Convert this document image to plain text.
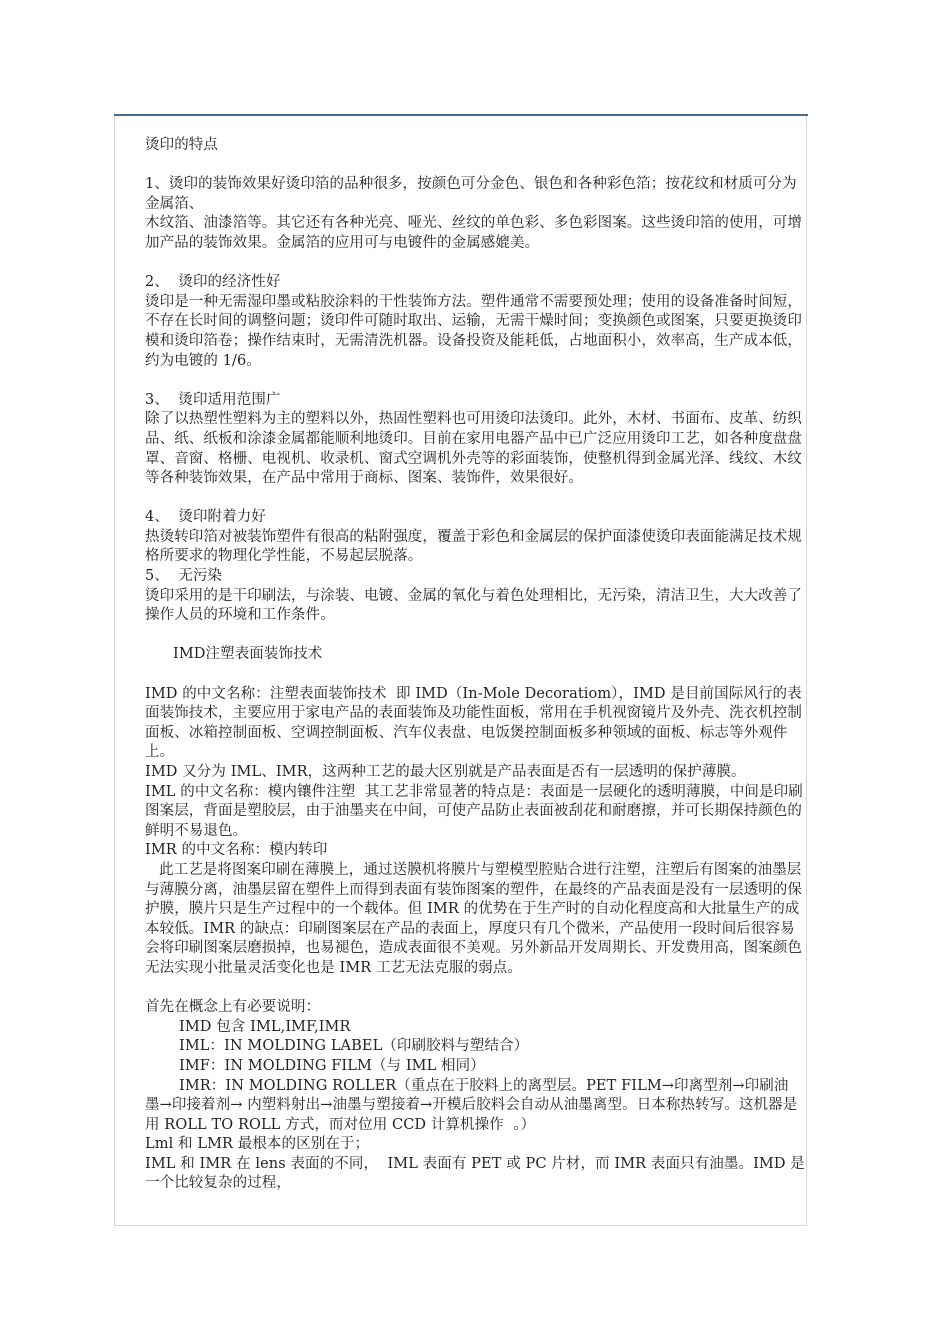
烫印的特点

1、烫印的装饰效果好烫印箔的品种很多，按颜色可分金色、银色和各种彩色箔；按花纹和材质可分为金属箔、

木纹箔、油漆箔等。其它还有各种光亮、哑光、丝纹的单色彩、多色彩图案。这些烫印箔的使用，可增加产品的装饰效果。金属箔的应用可与电镀件的金属感媲美。

2、  烫印的经济性好

烫印是一种无需湿印墨或粘胶涂料的干性装饰方法。塑件通常不需要预处理；使用的设备准备时间短，不存在长时间的调整问题；烫印件可随时取出、运输，无需干燥时间；变换颜色或图案，只要更换烫印模和烫印箔卷；操作结束时，无需清洗机器。设备投资及能耗低，占地面积小，效率高，生产成本低，约为电镀的 1/6。

3、  烫印适用范围广

除了以热塑性塑料为主的塑料以外，热固性塑料也可用烫印法烫印。此外，木材、书面布、皮革、纺织品、纸、纸板和涂漆金属都能顺利地烫印。目前在家用电器产品中已广泛应用烫印工艺，如各种度盘盘罩、音窗、格栅、电视机、收录机、窗式空调机外壳等的彩面装饰，使整机得到金属光泽、线纹、木纹等各种装饰效果，在产品中常用于商标、图案、装饰件，效果很好。

4、  烫印附着力好

热烫转印箔对被装饰塑件有很高的粘附强度，覆盖于彩色和金属层的保护面漆使烫印表面能满足技术规格所要求的物理化学性能，不易起层脱落。

5、  无污染

烫印采用的是干印刷法，与涂装、电镀、金属的氧化与着色处理相比，无污染，清洁卫生，大大改善了操作人员的环境和工作条件。

IMD注塑表面装饰技术

IMD 的中文名称：注塑表面装饰技术  即 IMD（In-Mole Decoratiom），IMD 是目前国际风行的表面装饰技术，主要应用于家电产品的表面装饰及功能性面板，常用在手机视窗镜片及外壳、洗衣机控制面板、冰箱控制面板、空调控制面板、汽车仪表盘、电饭煲控制面板多种领域的面板、标志等外观件上。

IMD 又分为 IML、IMR，这两种工艺的最大区别就是产品表面是否有一层透明的保护薄膜。

IML 的中文名称：模内镶件注塑  其工艺非常显著的特点是：表面是一层硬化的透明薄膜，中间是印刷图案层，背面是塑胶层，由于油墨夹在中间，可使产品防止表面被刮花和耐磨擦，并可长期保持颜色的鲜明不易退色。

IMR 的中文名称：模内转印

此工艺是将图案印刷在薄膜上，通过送膜机将膜片与塑模型腔贴合进行注塑，注塑后有图案的油墨层与薄膜分离，油墨层留在塑件上而得到表面有装饰图案的塑件，在最终的产品表面是没有一层透明的保护膜，膜片只是生产过程中的一个载体。但 IMR 的优势在于生产时的自动化程度高和大批量生产的成本较低。IMR 的缺点：印刷图案层在产品的表面上，厚度只有几个微米，产品使用一段时间后很容易会将印刷图案层磨损掉，也易褪色，造成表面很不美观。另外新品开发周期长、开发费用高，图案颜色无法实现小批量灵活变化也是 IMR 工艺无法克服的弱点。

首先在概念上有必要说明：

IMD 包含 IML,IMF,IMR

IML：IN MOLDING LABEL（印刷胶料与塑结合）

IMF：IN MOLDING FILM（与 IML 相同）

IMR：IN MOLDING ROLLER（重点在于胶料上的离型层。PET FILM→印离型剂→印刷油

墨→印接着剂→ 内塑料射出→油墨与塑接着→开模后胶料会自动从油墨离型。日本称热转写。这机器是用 ROLL TO ROLL 方式，而对位用 CCD 计算机操作  。）

Lml 和 LMR 最根本的区别在于；

IML 和 IMR 在 lens 表面的不同，  IML 表面有 PET 或 PC 片材，而 IMR 表面只有油墨。IMD 是一个比较复杂的过程，
